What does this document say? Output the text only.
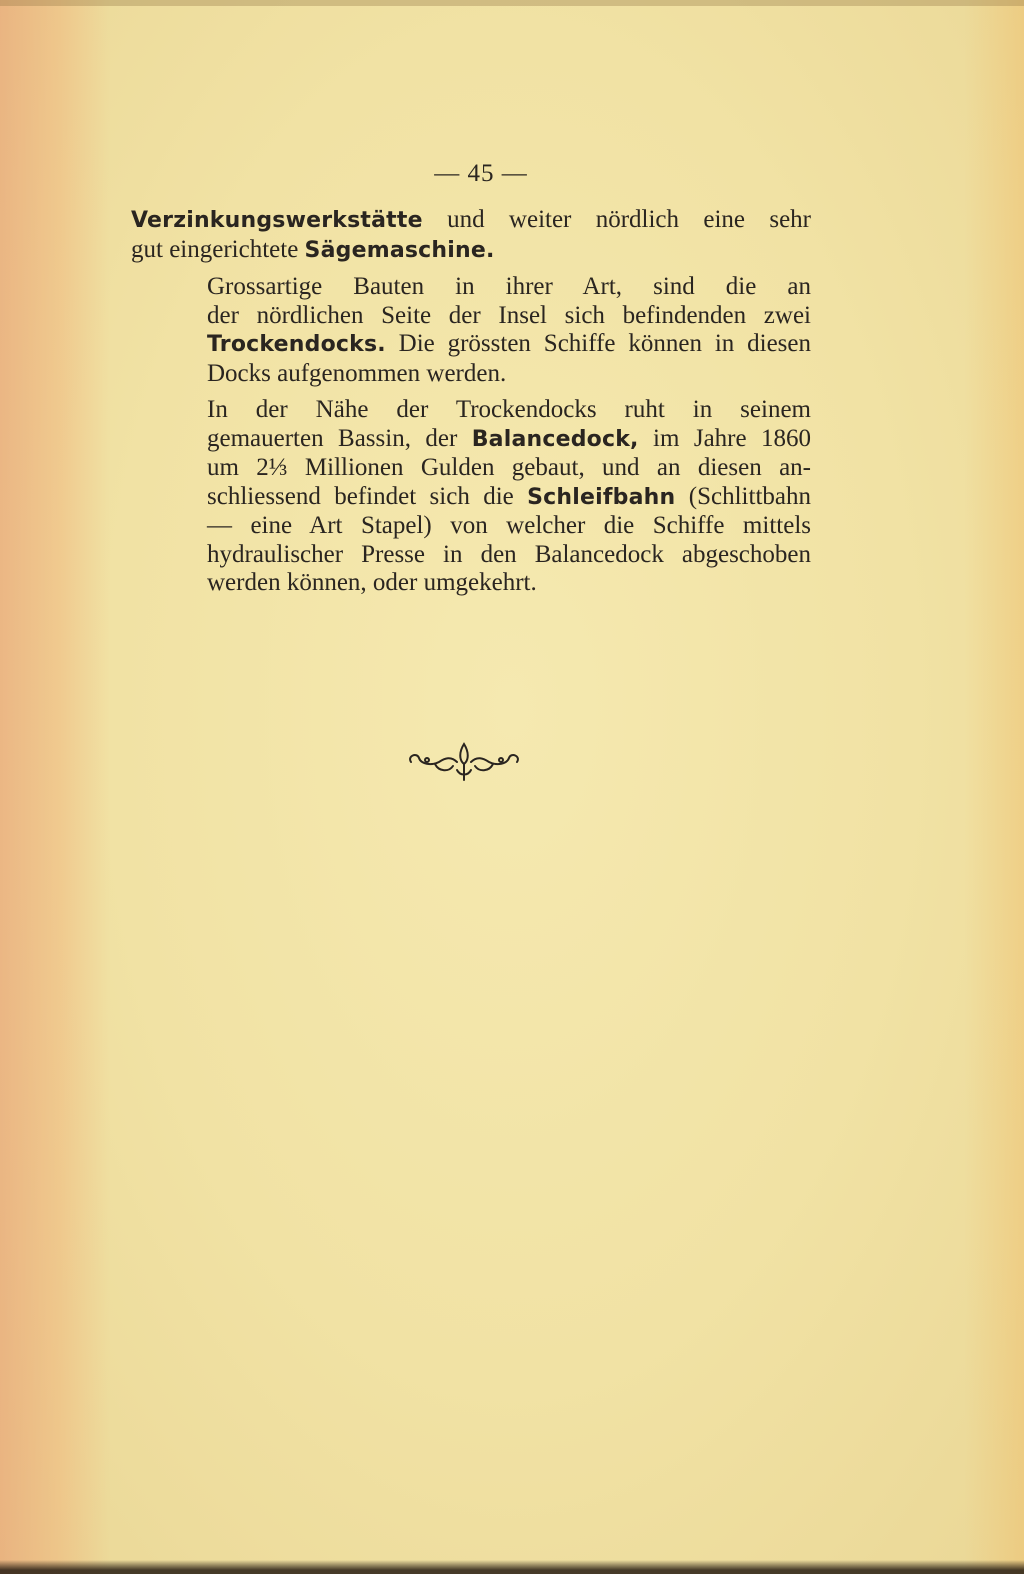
— 45 —

Verzinkungswerkstätte und weiter nördlich eine sehr
gut eingerichtete Sägemaschine.

Grossartige Bauten in ihrer Art, sind die an
der nördlichen Seite der Insel sich befindenden zwei
Trockendocks. Die grössten Schiffe können in diesen
Docks aufgenommen werden.

In der Nähe der Trockendocks ruht in seinem
gemauerten Bassin, der Balancedock, im Jahre 1860
um 2⅓ Millionen Gulden gebaut, und an diesen an-
schliessend befindet sich die Schleifbahn (Schlittbahn
— eine Art Stapel) von welcher die Schiffe mittels
hydraulischer Presse in den Balancedock abgeschoben
werden können, oder umgekehrt.
